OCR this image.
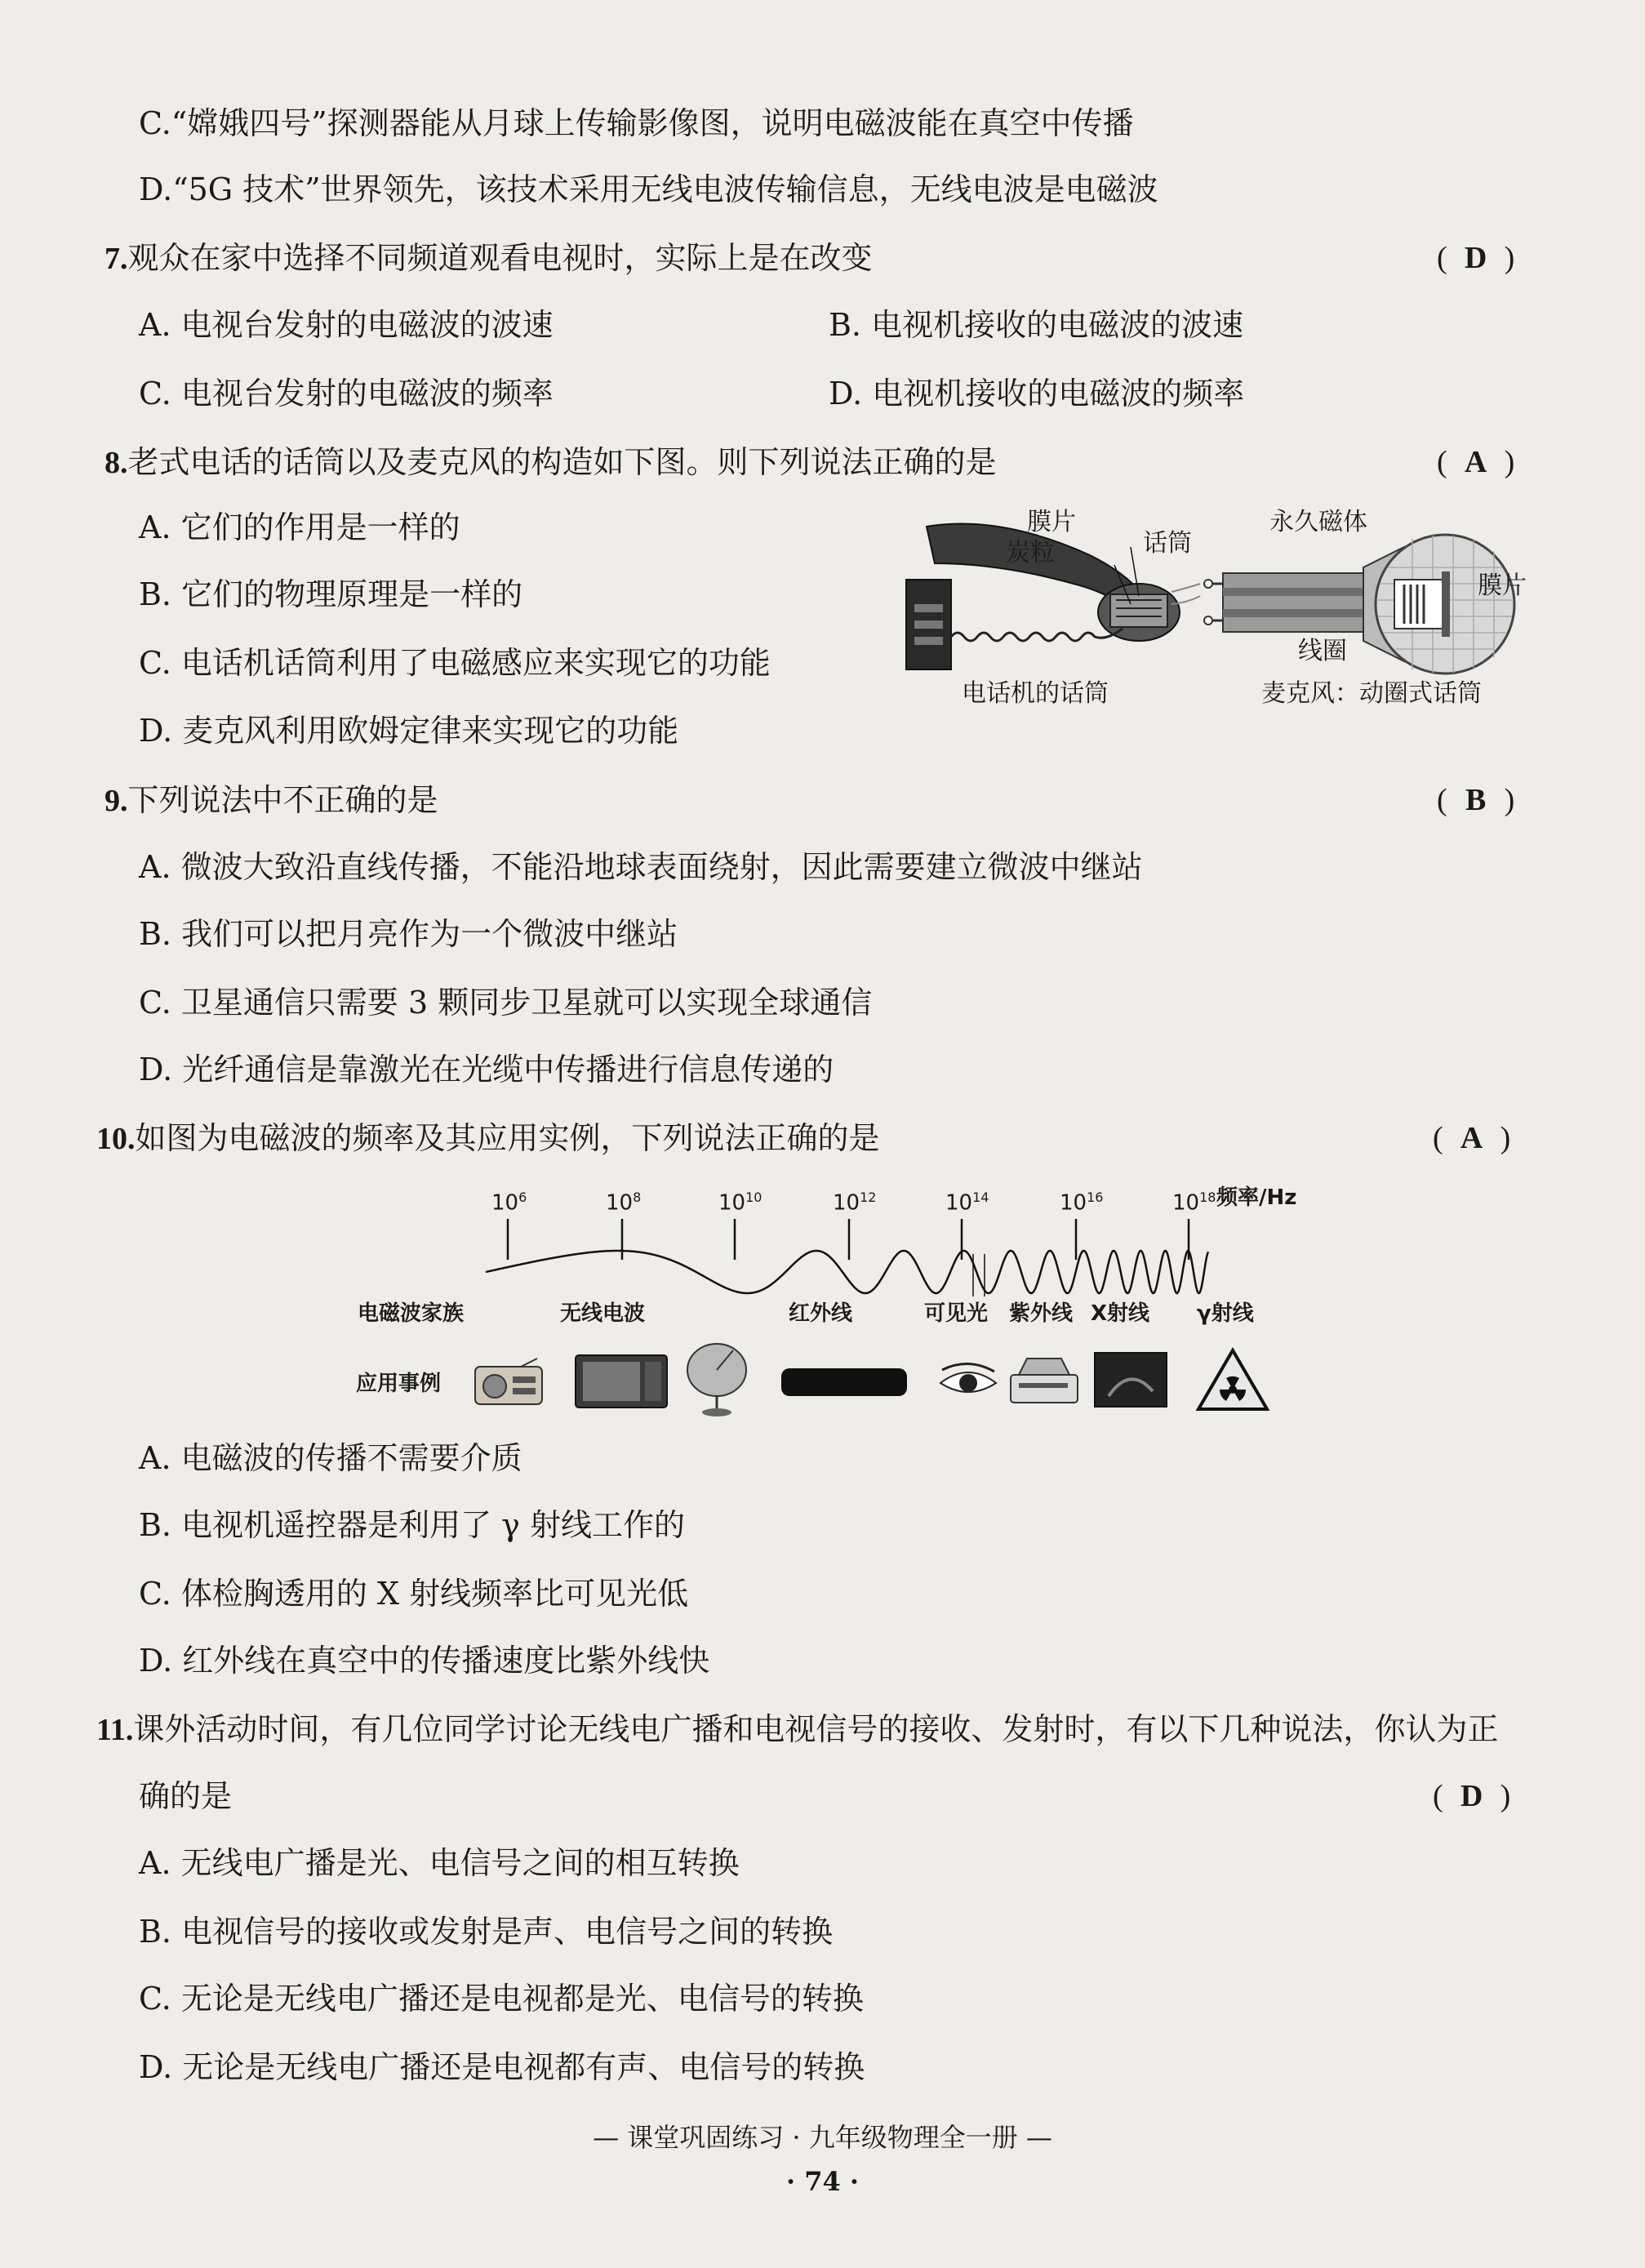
C.“嫦娥四号”探测器能从月球上传输影像图，说明电磁波能在真空中传播
D.“5G 技术”世界领先，该技术采用无线电波传输信息，无线电波是电磁波
7.观众在家中选择不同频道观看电视时，实际上是在改变	( D )
A. 电视台发射的电磁波的波速	B. 电视机接收的电磁波的波速
C. 电视台发射的电磁波的频率	D. 电视机接收的电磁波的频率
8.老式电话的话筒以及麦克风的构造如下图。则下列说法正确的是	( A )
A. 它们的作用是一样的
B. 它们的物理原理是一样的
C. 电话机话筒利用了电磁感应来实现它的功能
D. 麦克风利用欧姆定律来实现它的功能
膜片
炭粒	话筒
电话机的话筒
永久磁体
膜片
线圈
麦克风：动圈式话筒
9.下列说法中不正确的是	( B )
A. 微波大致沿直线传播，不能沿地球表面绕射，因此需要建立微波中继站
B. 我们可以把月亮作为一个微波中继站
C. 卫星通信只需要 3 颗同步卫星就可以实现全球通信
D. 光纤通信是靠激光在光缆中传播进行信息传递的
10.如图为电磁波的频率及其应用实例，下列说法正确的是	( A )
$10^6$	$10^8$	$10^{10}$	$10^{12}$	$10^{14}$	$10^{16}$	$10^{18}$ 频率/Hz
电磁波家族	无线电波	红外线	可见光 紫外线 X射线 γ射线
应用事例
A. 电磁波的传播不需要介质
B. 电视机遥控器是利用了 γ 射线工作的
C. 体检胸透用的 X 射线频率比可见光低
D. 红外线在真空中的传播速度比紫外线快
11.课外活动时间，有几位同学讨论无线电广播和电视信号的接收、发射时，有以下几种说法，你认为正
确的是	( D )
A. 无线电广播是光、电信号之间的相互转换
B. 电视信号的接收或发射是声、电信号之间的转换
C. 无论是无线电广播还是电视都是光、电信号的转换
D. 无论是无线电广播还是电视都有声、电信号的转换
— 课堂巩固练习 · 九年级物理全一册 —
· 74 ·
